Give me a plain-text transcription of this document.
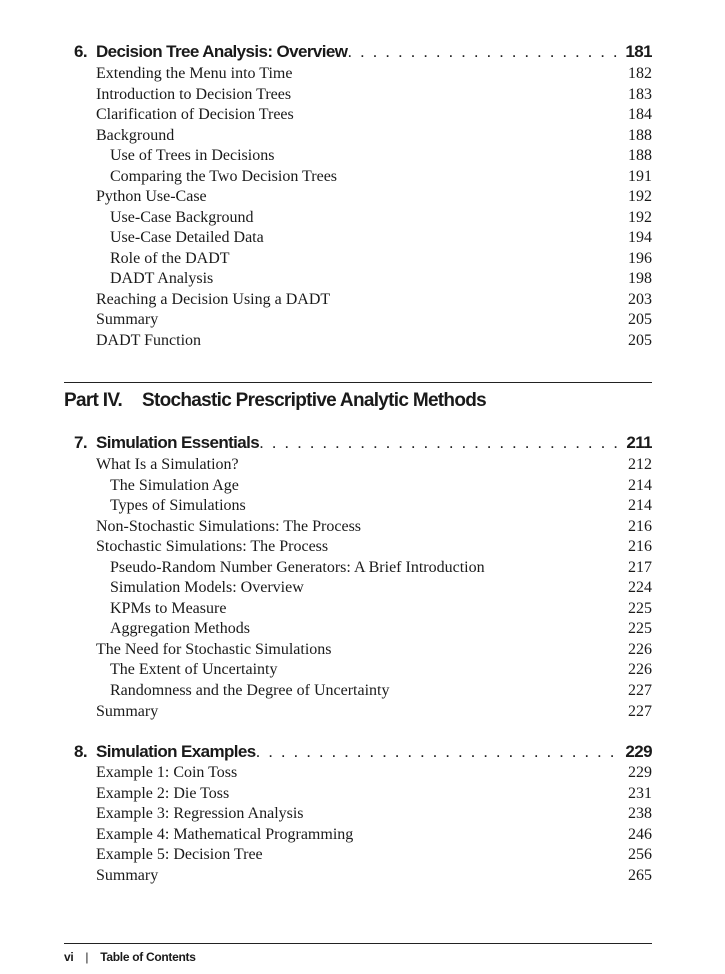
6. Decision Tree Analysis: Overview . . .	181
Extending the Menu into Time	182
Introduction to Decision Trees	183
Clarification of Decision Trees	184
Background	188
Use of Trees in Decisions	188
Comparing the Two Decision Trees	191
Python Use-Case	192
Use-Case Background	192
Use-Case Detailed Data	194
Role of the DADT	196
DADT Analysis	198
Reaching a Decision Using a DADT	203
Summary	205
DADT Function	205
Part IV. Stochastic Prescriptive Analytic Methods
7. Simulation Essentials . . .	211
What Is a Simulation?	212
The Simulation Age	214
Types of Simulations	214
Non-Stochastic Simulations: The Process	216
Stochastic Simulations: The Process	216
Pseudo-Random Number Generators: A Brief Introduction	217
Simulation Models: Overview	224
KPMs to Measure	225
Aggregation Methods	225
The Need for Stochastic Simulations	226
The Extent of Uncertainty	226
Randomness and the Degree of Uncertainty	227
Summary	227
8. Simulation Examples . . .	229
Example 1: Coin Toss	229
Example 2: Die Toss	231
Example 3: Regression Analysis	238
Example 4: Mathematical Programming	246
Example 5: Decision Tree	256
Summary	265
vi | Table of Contents
